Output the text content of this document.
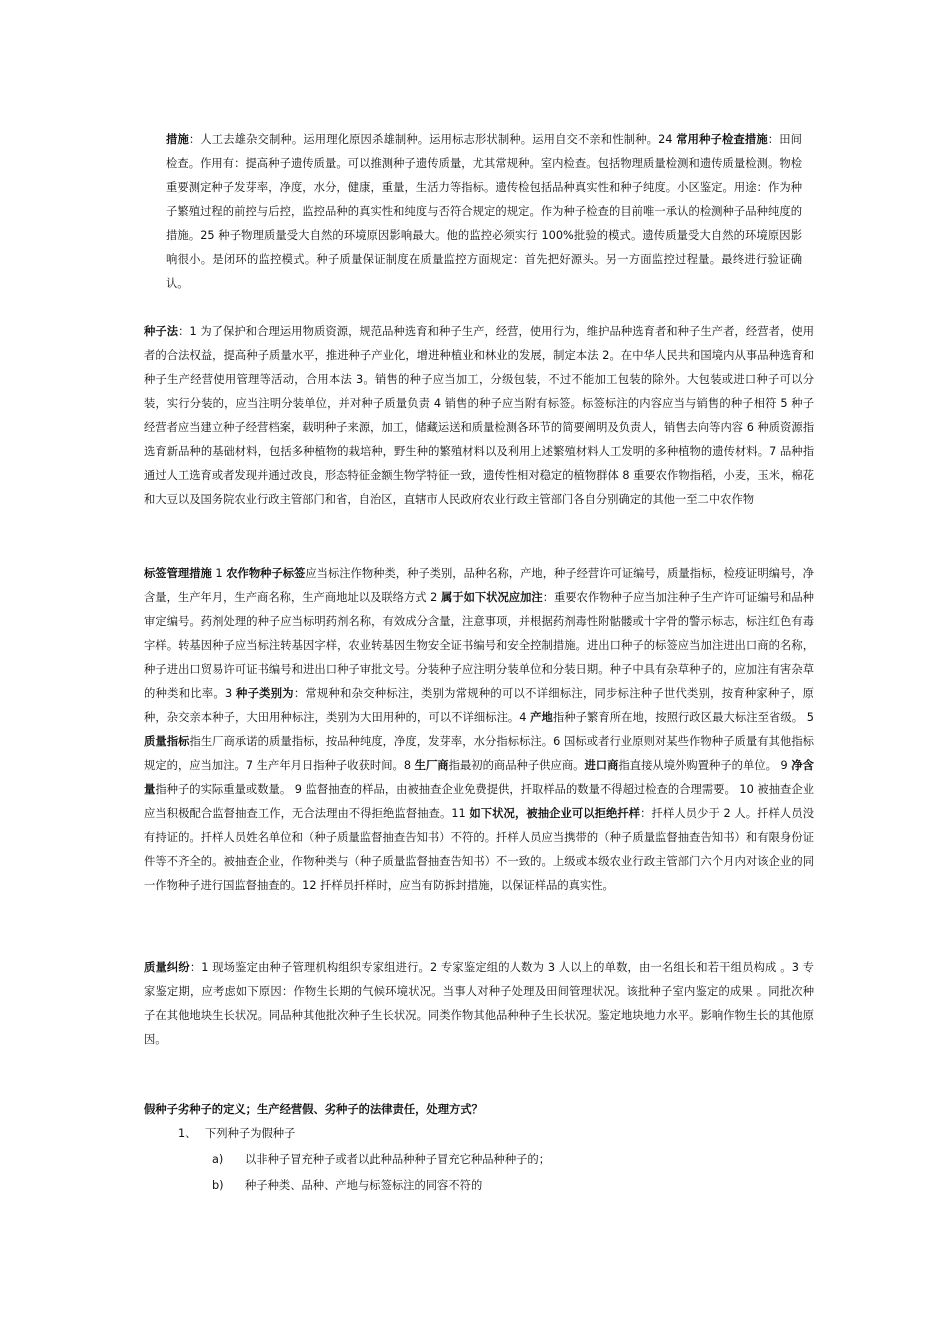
措施：人工去雄杂交制种。运用理化原因杀雄制种。运用标志形状制种。运用自交不亲和性制种。24 常用种子检查措施：田间检查。作用有：提高种子遗传质量。可以推测种子遗传质量，尤其常规种。室内检查。包括物理质量检测和遗传质量检测。物检重要测定种子发芽率，净度，水分，健康，重量，生活力等指标。遗传检包括品种真实性和种子纯度。小区鉴定。用途：作为种子繁殖过程的前控与后控，监控品种的真实性和纯度与否符合规定的规定。作为种子检查的目前唯一承认的检测种子品种纯度的措施。25 种子物理质量受大自然的环境原因影响最大。他的监控必须实行 100%批验的模式。遗传质量受大自然的环境原因影响很小。是闭环的监控模式。种子质量保证制度在质量监控方面规定：首先把好源头。另一方面监控过程量。最终进行验证确认。

种子法：1 为了保护和合理运用物质资源，规范品种选育和种子生产，经营，使用行为，维护品种选育者和种子生产者，经营者，使用者的合法权益，提高种子质量水平，推进种子产业化，增进种植业和林业的发展，制定本法 2。在中华人民共和国境内从事品种选育和种子生产经营使用管理等活动，合用本法 3。销售的种子应当加工，分级包装，不过不能加工包装的除外。大包装或进口种子可以分装，实行分装的，应当注明分装单位，并对种子质量负责 4 销售的种子应当附有标签。标签标注的内容应当与销售的种子相符 5 种子经营者应当建立种子经营档案，载明种子来源，加工，储藏运送和质量检测各环节的简要阐明及负责人，销售去向等内容 6 种质资源指选育新品种的基础材料，包括多种植物的栽培种，野生种的繁殖材料以及利用上述繁殖材料人工发明的多种植物的遗传材料。7 品种指通过人工选育或者发现并通过改良，形态特征金额生物学特征一致，遗传性相对稳定的植物群体 8 重要农作物指稻，小麦，玉米，棉花和大豆以及国务院农业行政主管部门和省，自治区，直辖市人民政府农业行政主管部门各自分别确定的其他一至二中农作物

标签管理措施 1 农作物种子标签应当标注作物种类，种子类别，品种名称，产地，种子经营许可证编号，质量指标，检疫证明编号，净含量，生产年月，生产商名称，生产商地址以及联络方式 2 属于如下状况应加注：重要农作物种子应当加注种子生产许可证编号和品种审定编号。药剂处理的种子应当标明药剂名称，有效成分含量，注意事项，并根据药剂毒性附骷髅或十字骨的警示标志，标注红色有毒字样。转基因种子应当标注转基因字样，农业转基因生物安全证书编号和安全控制措施。进出口种子的标签应当加注进出口商的名称，种子进出口贸易许可证书编号和进出口种子审批文号。分装种子应注明分装单位和分装日期。种子中具有杂草种子的，应加注有害杂草的种类和比率。3 种子类别为：常规种和杂交种标注，类别为常规种的可以不详细标注，同步标注种子世代类别，按育种家种子，原种，杂交亲本种子，大田用种标注，类别为大田用种的，可以不详细标注。4 产地指种子繁育所在地，按照行政区最大标注至省级。 5 质量指标指生厂商承诺的质量指标，按品种纯度，净度，发芽率，水分指标标注。6 国标或者行业原则对某些作物种子质量有其他指标规定的，应当加注。7 生产年月日指种子收获时间。8 生厂商指最初的商品种子供应商。进口商指直接从境外购置种子的单位。 9 净含量指种子的实际重量或数量。 9 监督抽查的样品，由被抽查企业免费提供，扦取样品的数量不得超过检查的合理需要。 10 被抽查企业应当积极配合监督抽查工作，无合法理由不得拒绝监督抽查。11 如下状况，被抽企业可以拒绝扦样：扦样人员少于 2 人。扦样人员没有持证的。扦样人员姓名单位和（种子质量监督抽查告知书）不符的。扦样人员应当携带的（种子质量监督抽查告知书）和有限身份证件等不齐全的。被抽查企业，作物种类与（种子质量监督抽查告知书）不一致的。上级或本级农业行政主管部门六个月内对该企业的同一作物种子进行国监督抽查的。12 扦样员扦样时，应当有防拆封措施，以保证样品的真实性。

质量纠纷：1 现场鉴定由种子管理机构组织专家组进行。2 专家鉴定组的人数为 3 人以上的单数，由一名组长和若干组员构成 。3 专家鉴定期，应考虑如下原因：作物生长期的气候环境状况。当事人对种子处理及田间管理状况。该批种子室内鉴定的成果 。同批次种子在其他地块生长状况。同品种其他批次种子生长状况。同类作物其他品种种子生长状况。鉴定地块地力水平。影响作物生长的其他原因。

假种子劣种子的定义；生产经营假、劣种子的法律责任，处理方式？

1、 下列种子为假种子
a) 以非种子冒充种子或者以此种品种种子冒充它种品种种子的；
b) 种子种类、品种、产地与标签标注的同容不符的
